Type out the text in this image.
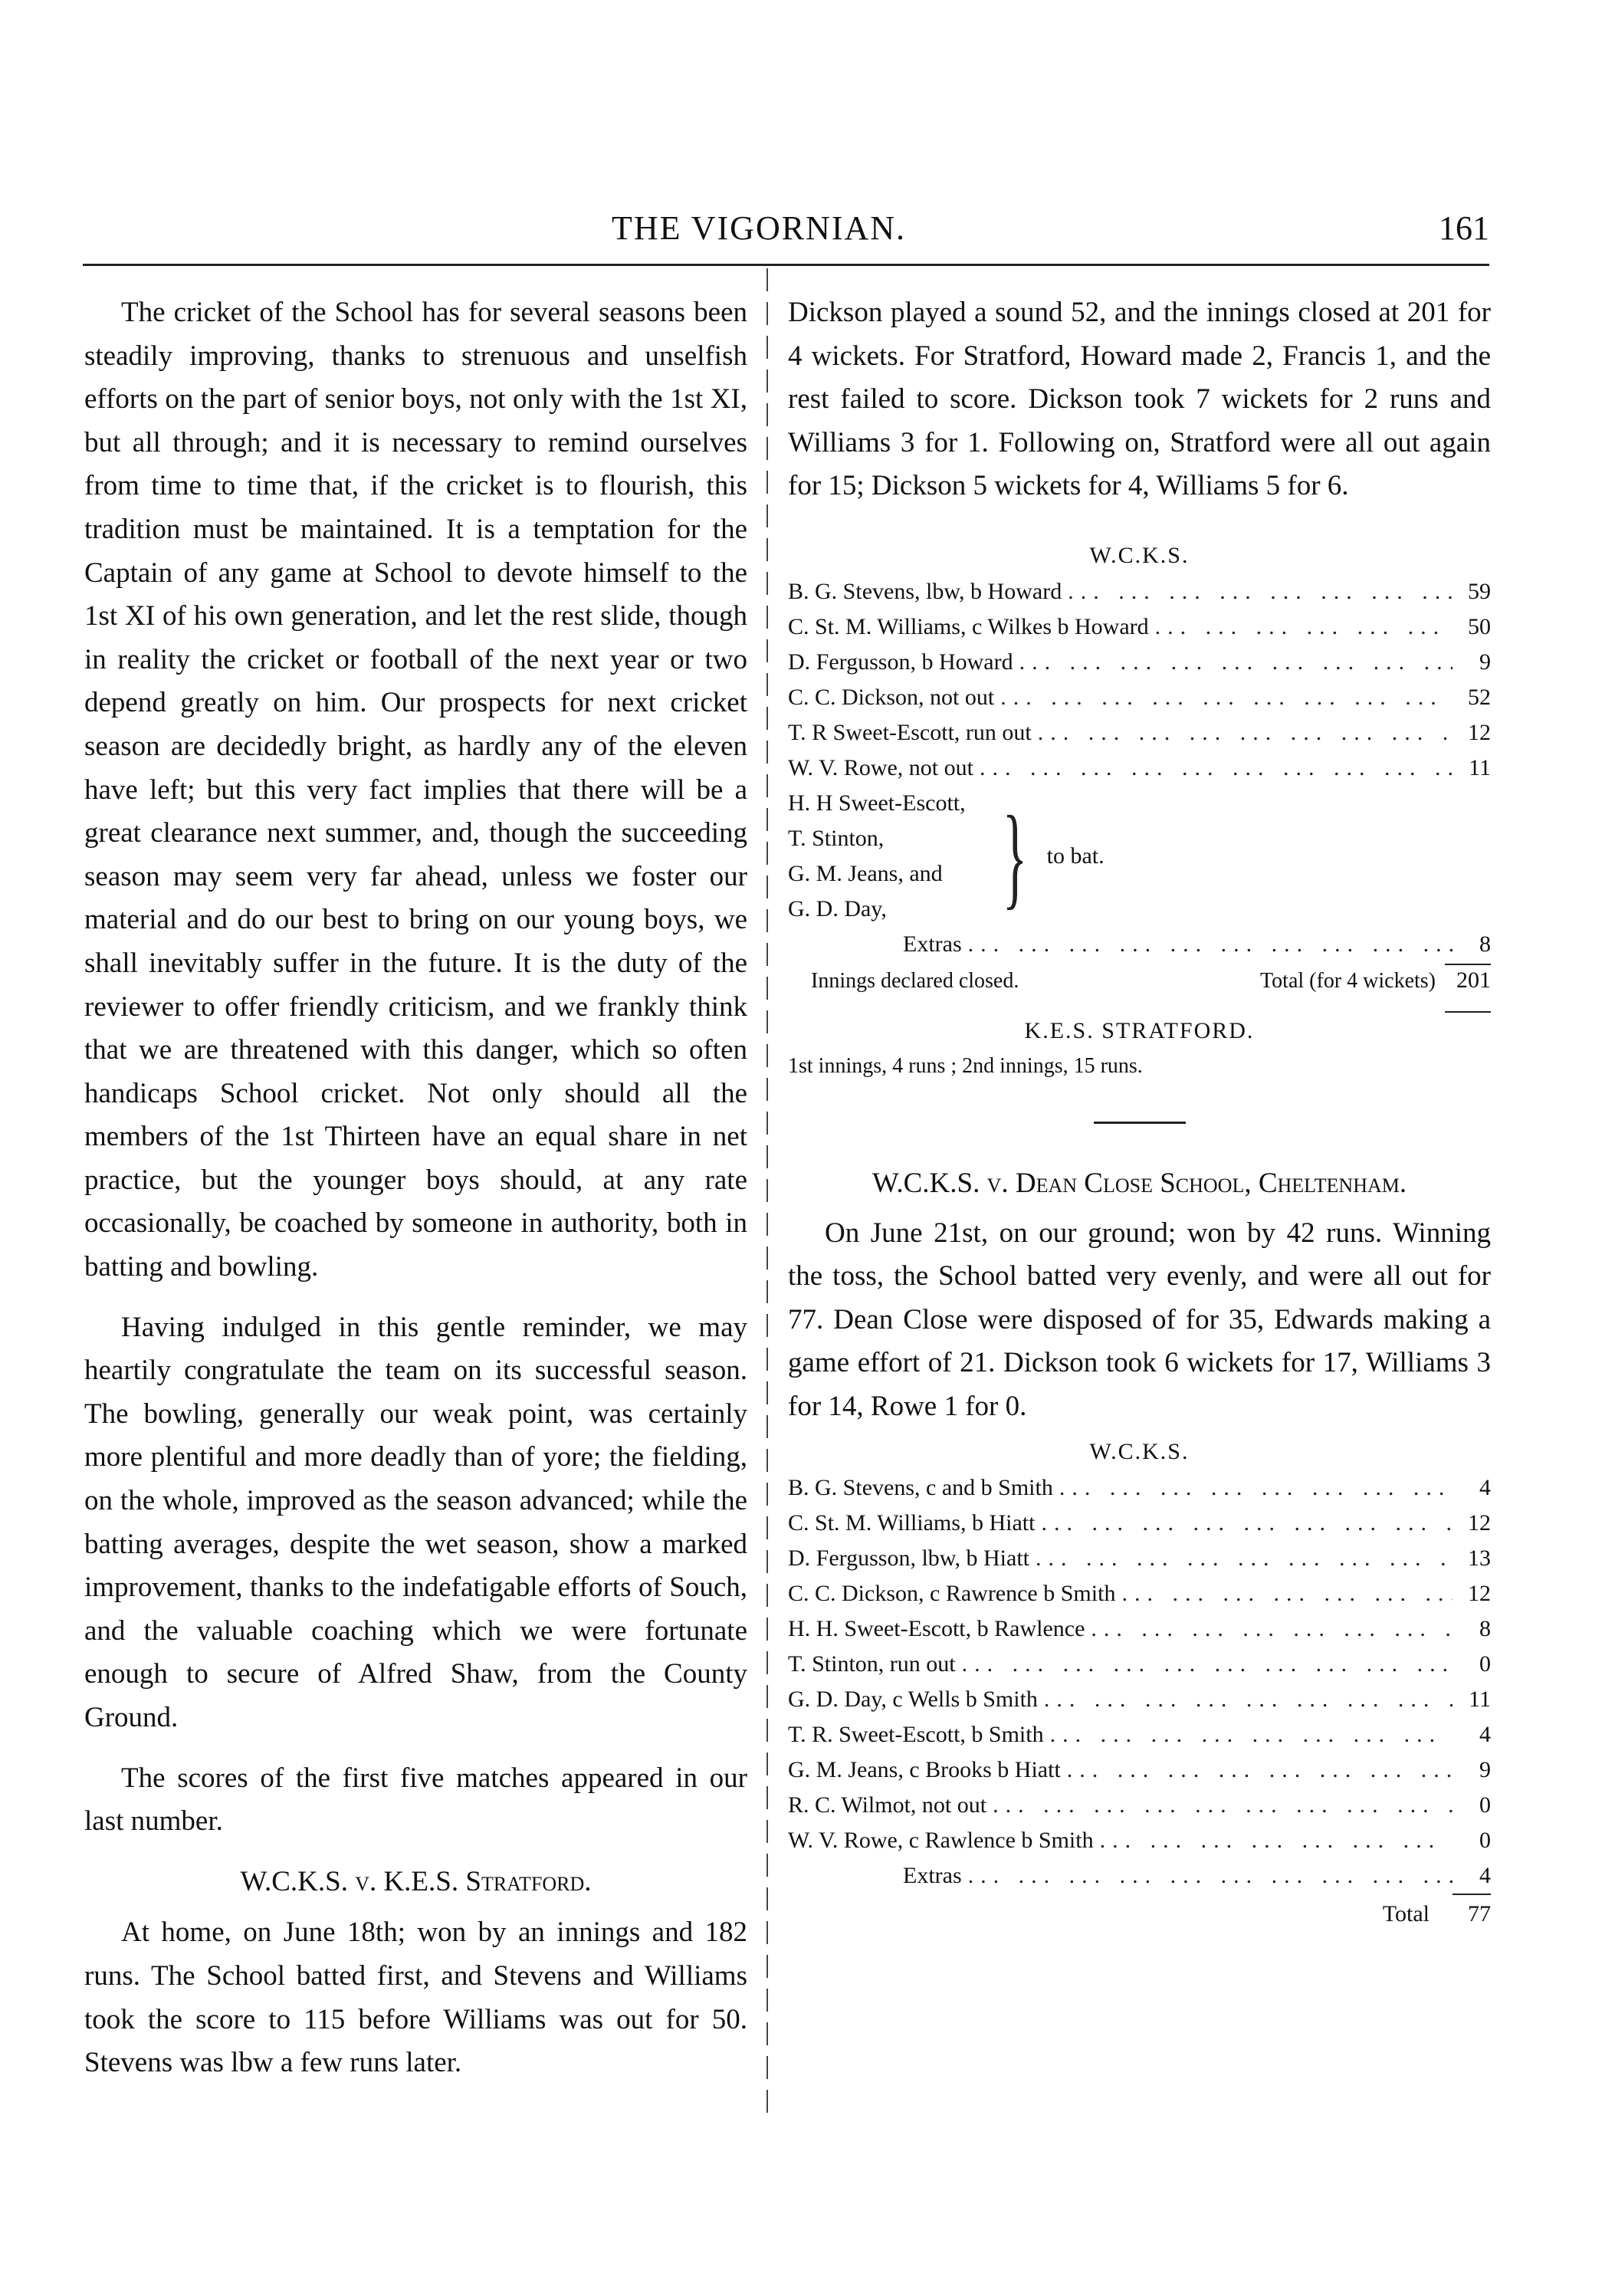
THE VIGORNIAN.	161

The cricket of the School has for several seasons been steadily improving, thanks to strenuous and unselfish efforts on the part of senior boys, not only with the 1st XI, but all through; and it is necessary to remind ourselves from time to time that, if the cricket is to flourish, this tradition must be maintained. It is a temptation for the Captain of any game at School to devote himself to the 1st XI of his own generation, and let the rest slide, though in reality the cricket or football of the next year or two depend greatly on him. Our prospects for next cricket season are decidedly bright, as hardly any of the eleven have left; but this very fact implies that there will be a great clearance next summer, and, though the succeeding season may seem very far ahead, unless we foster our material and do our best to bring on our young boys, we shall inevitably suffer in the future. It is the duty of the reviewer to offer friendly criticism, and we frankly think that we are threatened with this danger, which so often handicaps School cricket. Not only should all the members of the 1st Thirteen have an equal share in net practice, but the younger boys should, at any rate occasionally, be coached by someone in authority, both in batting and bowling.

Having indulged in this gentle reminder, we may heartily congratulate the team on its successful season. The bowling, generally our weak point, was certainly more plentiful and more deadly than of yore; the fielding, on the whole, improved as the season advanced; while the batting averages, despite the wet season, show a marked improvement, thanks to the indefatigable efforts of Souch, and the valuable coaching which we were fortunate enough to secure of Alfred Shaw, from the County Ground.

The scores of the first five matches appeared in our last number.

W.C.K.S. v. K.E.S. Stratford.

At home, on June 18th; won by an innings and 182 runs. The School batted first, and Stevens and Williams took the score to 115 before Williams was out for 50. Stevens was lbw a few runs later.

Dickson played a sound 52, and the innings closed at 201 for 4 wickets. For Stratford, Howard made 2, Francis 1, and the rest failed to score. Dickson took 7 wickets for 2 runs and Williams 3 for 1. Following on, Stratford were all out again for 15; Dickson 5 wickets for 4, Williams 5 for 6.

W.C.K.S.
B. G. Stevens, lbw, b Howard ... .	59
C. St. M. Williams, c Wilkes b Howard ... .	50
D. Fergusson, b Howard ... .	9
C. C. Dickson, not out ... .	52
T. R Sweet-Escott, run out ... .	12
W. V. Rowe, not out ... .	11
H. H Sweet-Escott,
T. Stinton,
G. M. Jeans, and
G. D. Day,	} to bat.
Extras ... .	8
Innings declared closed.	Total (for 4 wickets) 201
K.E.S. STRATFORD.
1st innings, 4 runs ; 2nd innings, 15 runs.

W.C.K.S. v. Dean Close School, Cheltenham.

On June 21st, on our ground; won by 42 runs. Winning the toss, the School batted very evenly, and were all out for 77. Dean Close were disposed of for 35, Edwards making a game effort of 21. Dickson took 6 wickets for 17, Williams 3 for 14, Rowe 1 for 0.

W.C.K.S.
B. G. Stevens, c and b Smith ... .	4
C. St. M. Williams, b Hiatt ... .	12
D. Fergusson, lbw, b Hiatt ... .	13
C. C. Dickson, c Rawrence b Smith ... .	12
H. H. Sweet-Escott, b Rawlence ... .	8
T. Stinton, run out ... .	0
G. D. Day, c Wells b Smith ... .	11
T. R. Sweet-Escott, b Smith ... .	4
G. M. Jeans, c Brooks b Hiatt ... .	9
R. C. Wilmot, not out ... .	0
W. V. Rowe, c Rawlence b Smith ... .	0
Extras ... .	4
Total	77
